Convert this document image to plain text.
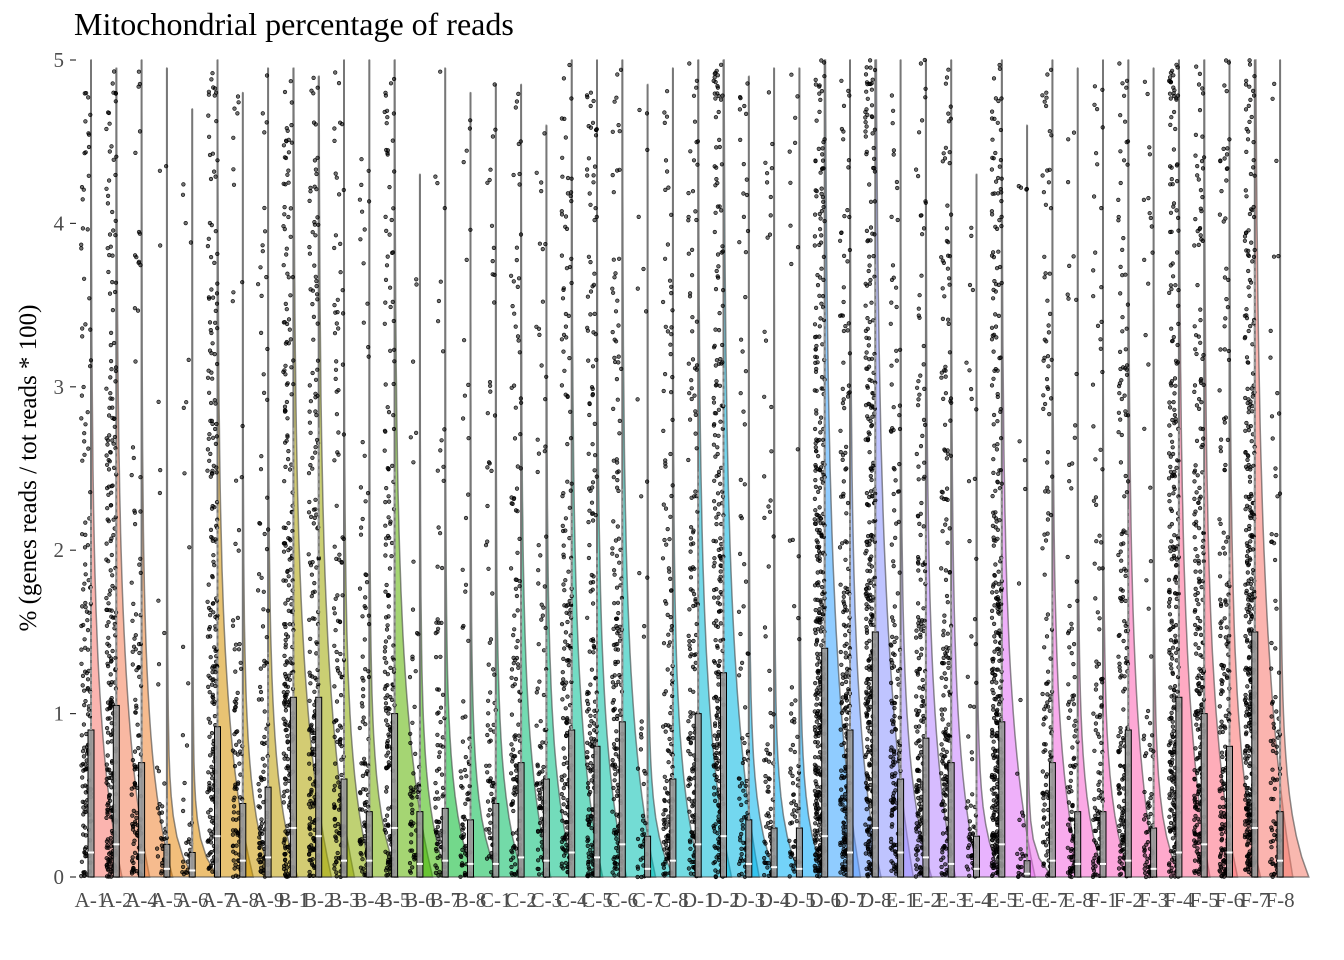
Mitochondrial percentage of reads
0
1
2
3
4
5
A-1
A-2
A-4
A-5
A-6
A-7
A-8
A-9
B-1
B-2
B-3
B-4
B-5
B-6
B-7
B-8
C-1
C-2
C-3
C-4
C-5
C-6
C-7
C-8
D-1
D-2
D-3
D-4
D-5
D-6
D-7
D-8
E-1
E-2
E-3
E-4
E-5
E-6
E-7
E-8
F-1
F-2
F-3
F-4
F-5
F-6
F-7
F-8
% (genes reads / tot reads * 100)
